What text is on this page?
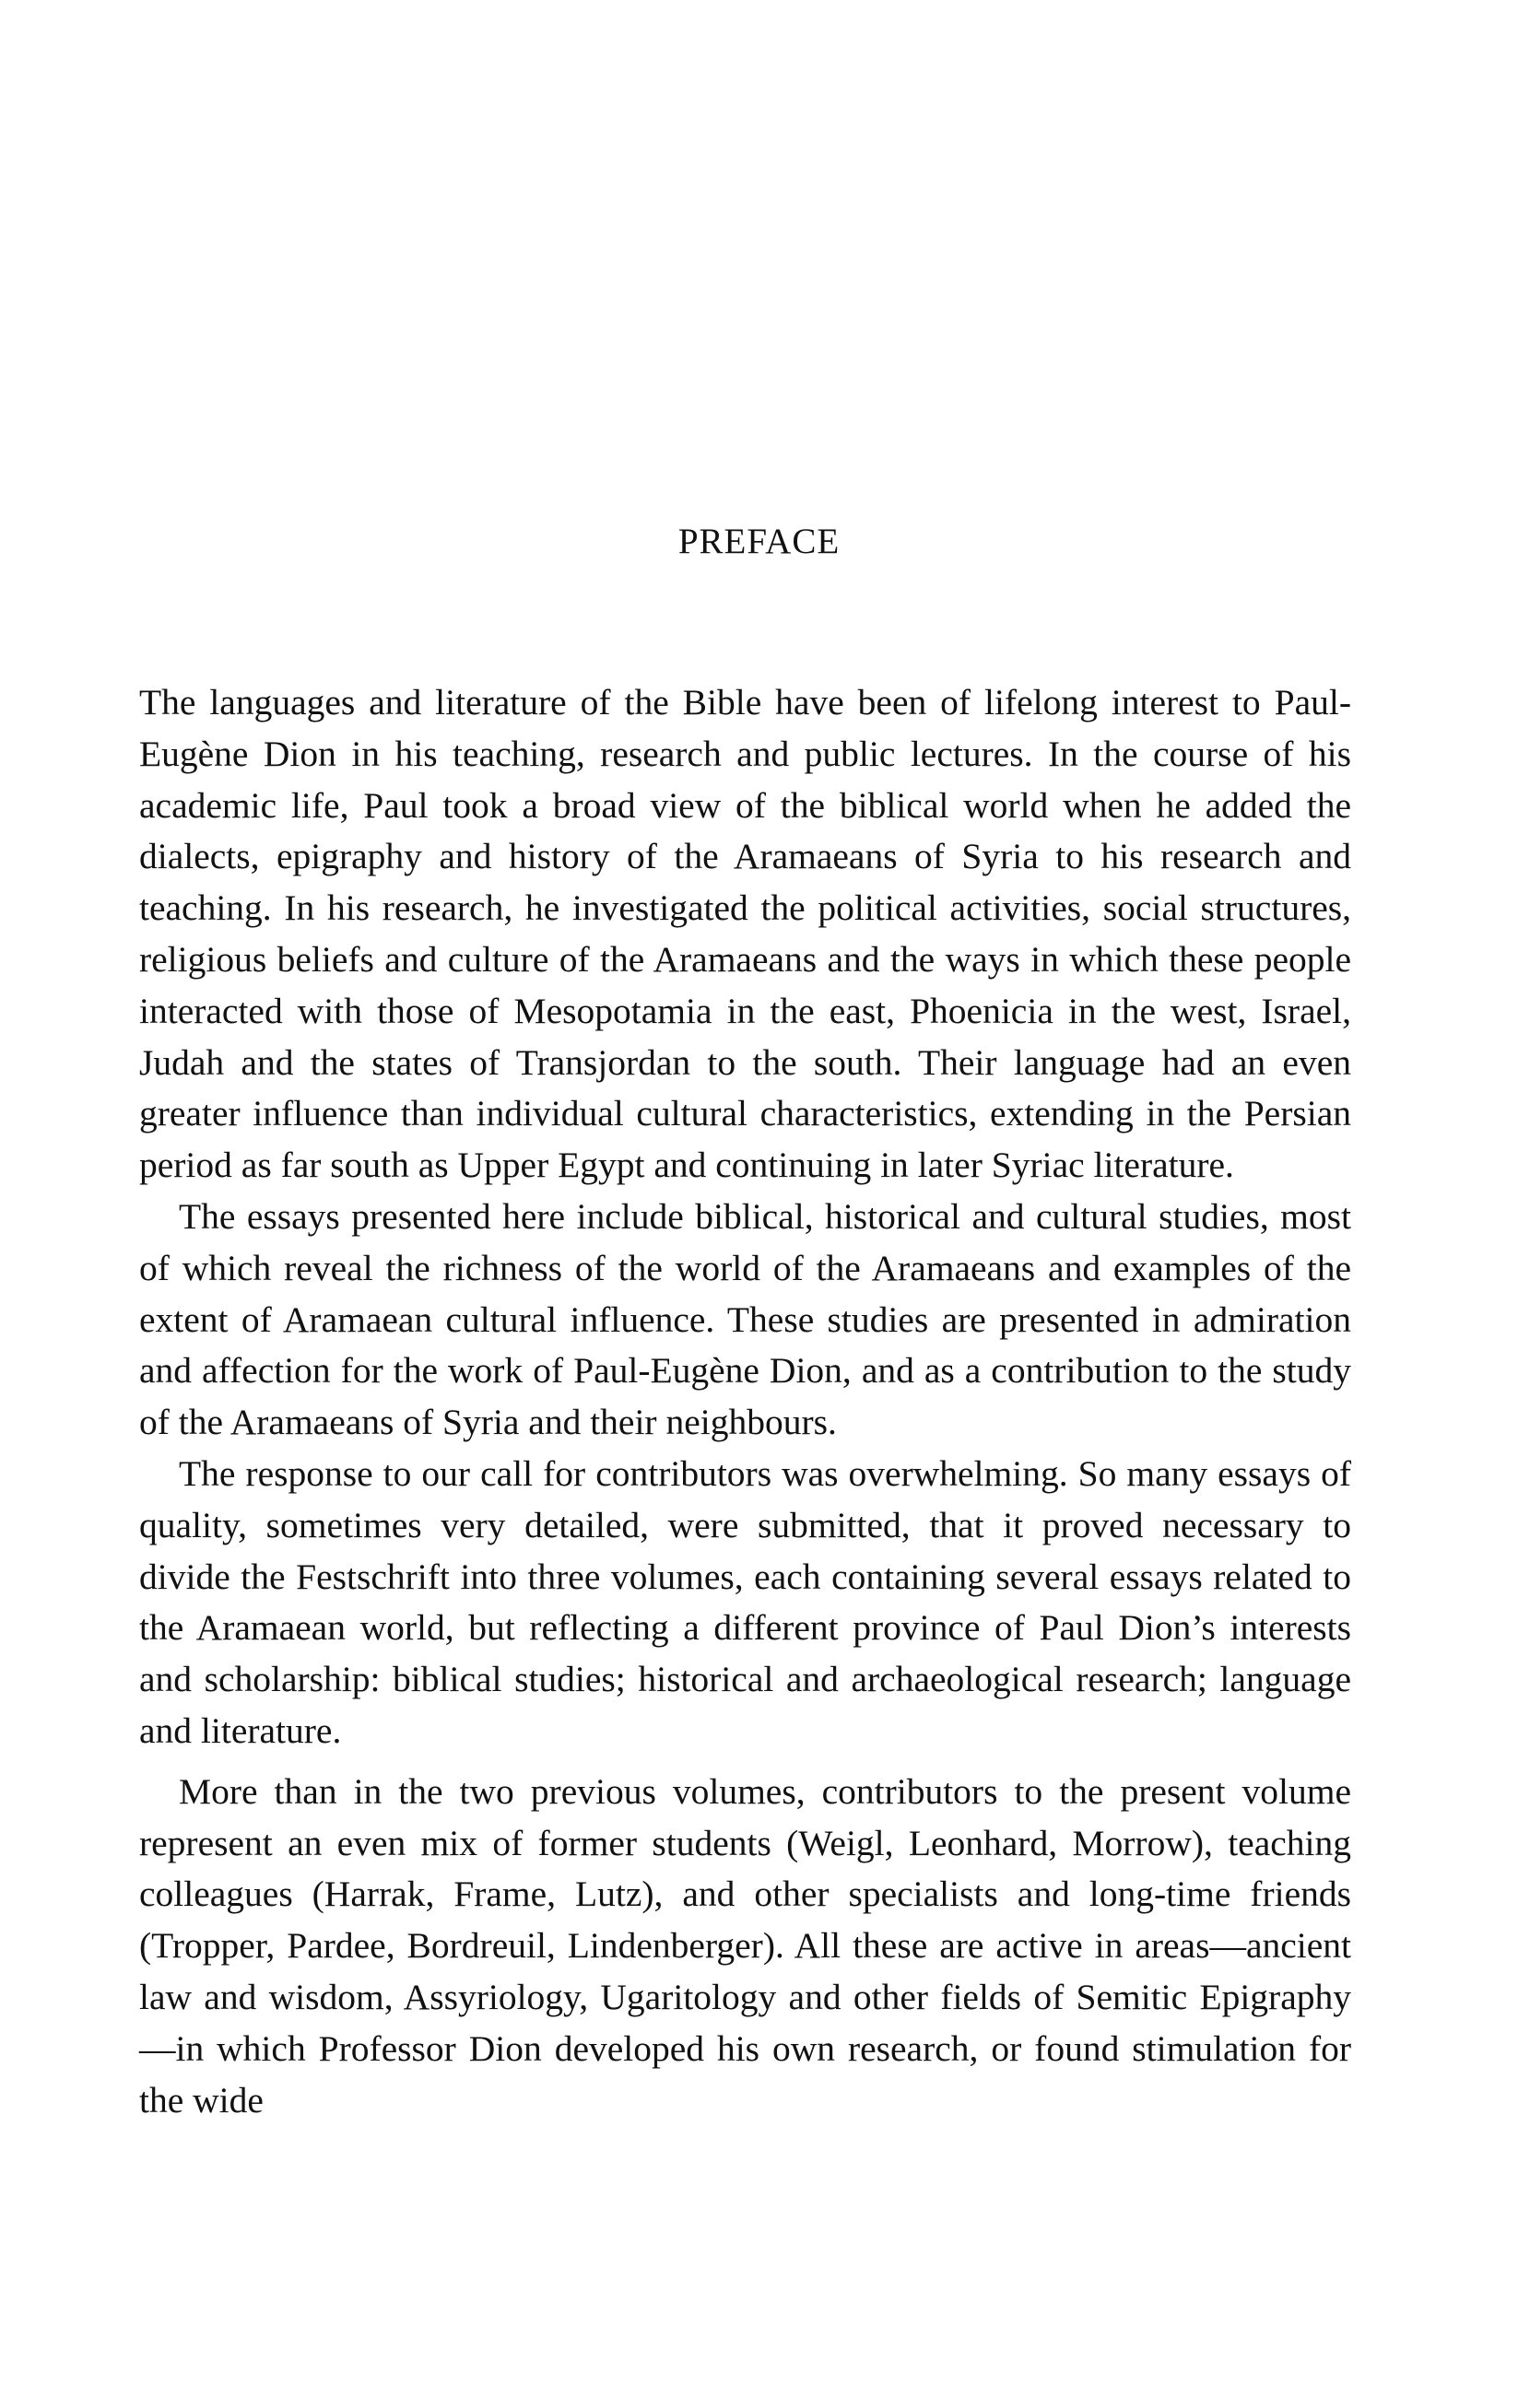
PREFACE

The languages and literature of the Bible have been of lifelong interest to Paul-Eugène Dion in his teaching, research and public lectures. In the course of his academic life, Paul took a broad view of the biblical world when he added the dialects, epigraphy and history of the Aramaeans of Syria to his research and teaching. In his research, he investigated the political activities, social structures, religious beliefs and culture of the Aramaeans and the ways in which these people interacted with those of Mesopotamia in the east, Phoenicia in the west, Israel, Judah and the states of Transjordan to the south. Their language had an even greater influence than individual cultural characteristics, extending in the Persian period as far south as Upper Egypt and continuing in later Syriac literature.

The essays presented here include biblical, historical and cultural studies, most of which reveal the richness of the world of the Aramaeans and examples of the extent of Aramaean cultural influence. These studies are presented in admiration and affection for the work of Paul-Eugène Dion, and as a contribution to the study of the Aramaeans of Syria and their neighbours.

The response to our call for contributors was overwhelming. So many essays of quality, sometimes very detailed, were submitted, that it proved necessary to divide the Festschrift into three volumes, each containing several essays related to the Aramaean world, but reflecting a different province of Paul Dion’s interests and scholarship: biblical studies; historical and archaeological research; language and literature.

More than in the two previous volumes, contributors to the present volume represent an even mix of former students (Weigl, Leonhard, Morrow), teaching colleagues (Harrak, Frame, Lutz), and other specialists and long-time friends (Tropper, Pardee, Bordreuil, Lindenberger). All these are active in areas—ancient law and wisdom, Assyriology, Ugaritology and other fields of Semitic Epigraphy—in which Professor Dion developed his own research, or found stimulation for the wide
